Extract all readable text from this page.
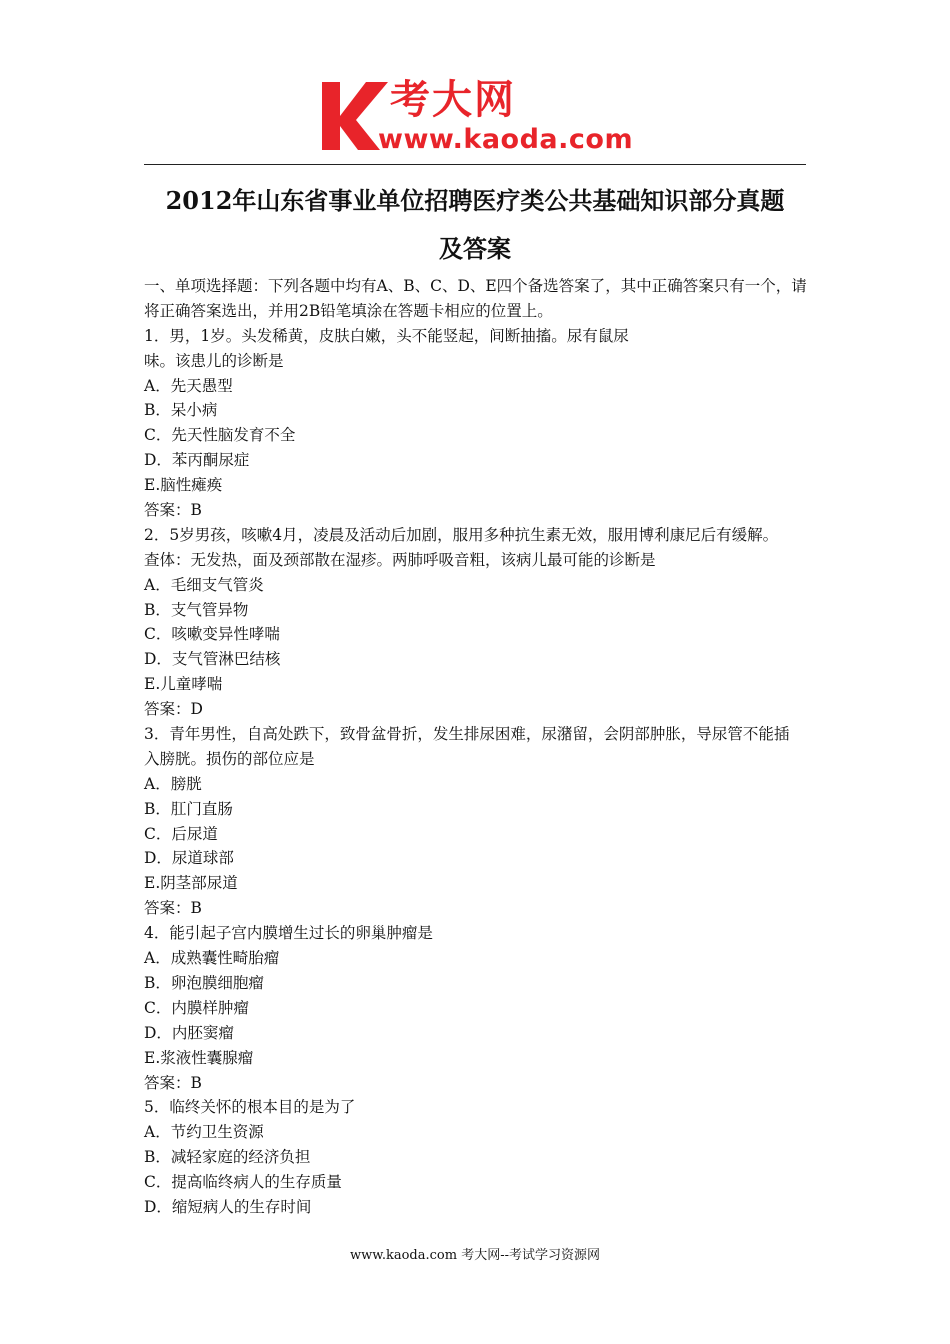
考大网
www.kaoda.com
2012年山东省事业单位招聘医疗类公共基础知识部分真题
及答案
一、单项选择题：下列各题中均有A、B、C、D、E四个备选答案了，其中正确答案只有一个，请
将正确答案选出，并用2B铅笔填涂在答题卡相应的位置上。
1．男，1岁。头发稀黄，皮肤白嫩，头不能竖起，间断抽搐。尿有鼠尿
味。该患儿的诊断是
A．先天愚型
B．呆小病
C．先天性脑发育不全
D．苯丙酮尿症
E.脑性瘫痪
答案：B
2．5岁男孩，咳嗽4月，凌晨及活动后加剧，服用多种抗生素无效，服用博利康尼后有缓解。
查体：无发热，面及颈部散在湿疹。两肺呼吸音粗，该病儿最可能的诊断是
A．毛细支气管炎
B．支气管异物
C．咳嗽变异性哮喘
D．支气管淋巴结核
E.儿童哮喘
答案：D
3．青年男性，自高处跌下，致骨盆骨折，发生排尿困难，尿潴留，会阴部肿胀，导尿管不能插
入膀胱。损伤的部位应是
A．膀胱
B．肛门直肠
C．后尿道
D．尿道球部
E.阴茎部尿道
答案：B
4．能引起子宫内膜增生过长的卵巢肿瘤是
A．成熟囊性畸胎瘤
B．卵泡膜细胞瘤
C．内膜样肿瘤
D．内胚窦瘤
E.浆液性囊腺瘤
答案：B
5．临终关怀的根本目的是为了
A．节约卫生资源
B．减轻家庭的经济负担
C．提高临终病人的生存质量
D．缩短病人的生存时间
www.kaoda.com 考大网--考试学习资源网
